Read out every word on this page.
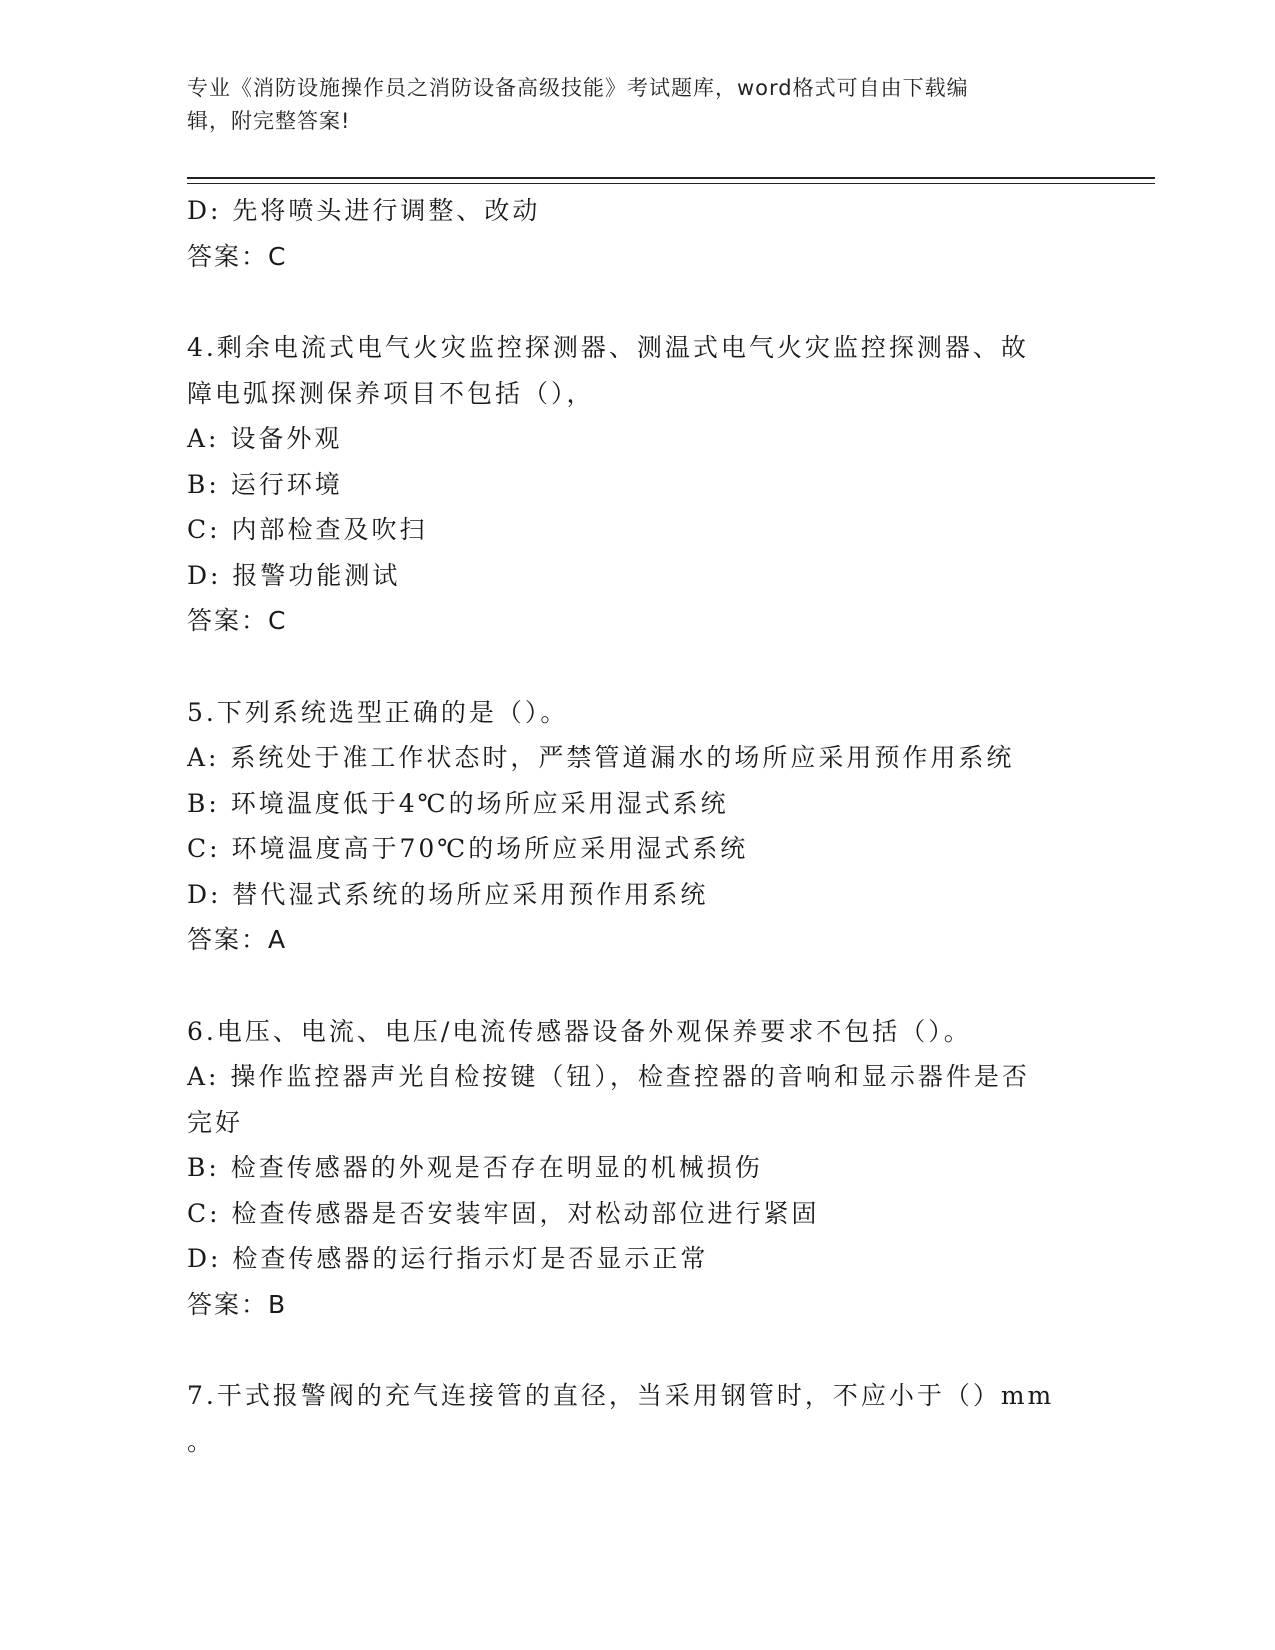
专业《消防设施操作员之消防设备高级技能》考试题库，word格式可自由下载编
辑，附完整答案!
D: 先将喷头进行调整、改动
答案：C
4.剩余电流式电气火灾监控探测器、测温式电气火灾监控探测器、故
障电弧探测保养项目不包括（），
A: 设备外观
B: 运行环境
C: 内部检查及吹扫
D: 报警功能测试
答案：C
5.下列系统选型正确的是（）。
A: 系统处于准工作状态时，严禁管道漏水的场所应采用预作用系统
B: 环境温度低于4℃的场所应采用湿式系统
C: 环境温度高于70℃的场所应采用湿式系统
D: 替代湿式系统的场所应采用预作用系统
答案：A
6.电压、电流、电压/电流传感器设备外观保养要求不包括（）。
A: 操作监控器声光自检按键（钮），检查控器的音响和显示器件是否
完好
B: 检查传感器的外观是否存在明显的机械损伤
C: 检查传感器是否安装牢固，对松动部位进行紧固
D: 检查传感器的运行指示灯是否显示正常
答案：B
7.干式报警阀的充气连接管的直径，当采用钢管时，不应小于（）mm
。
